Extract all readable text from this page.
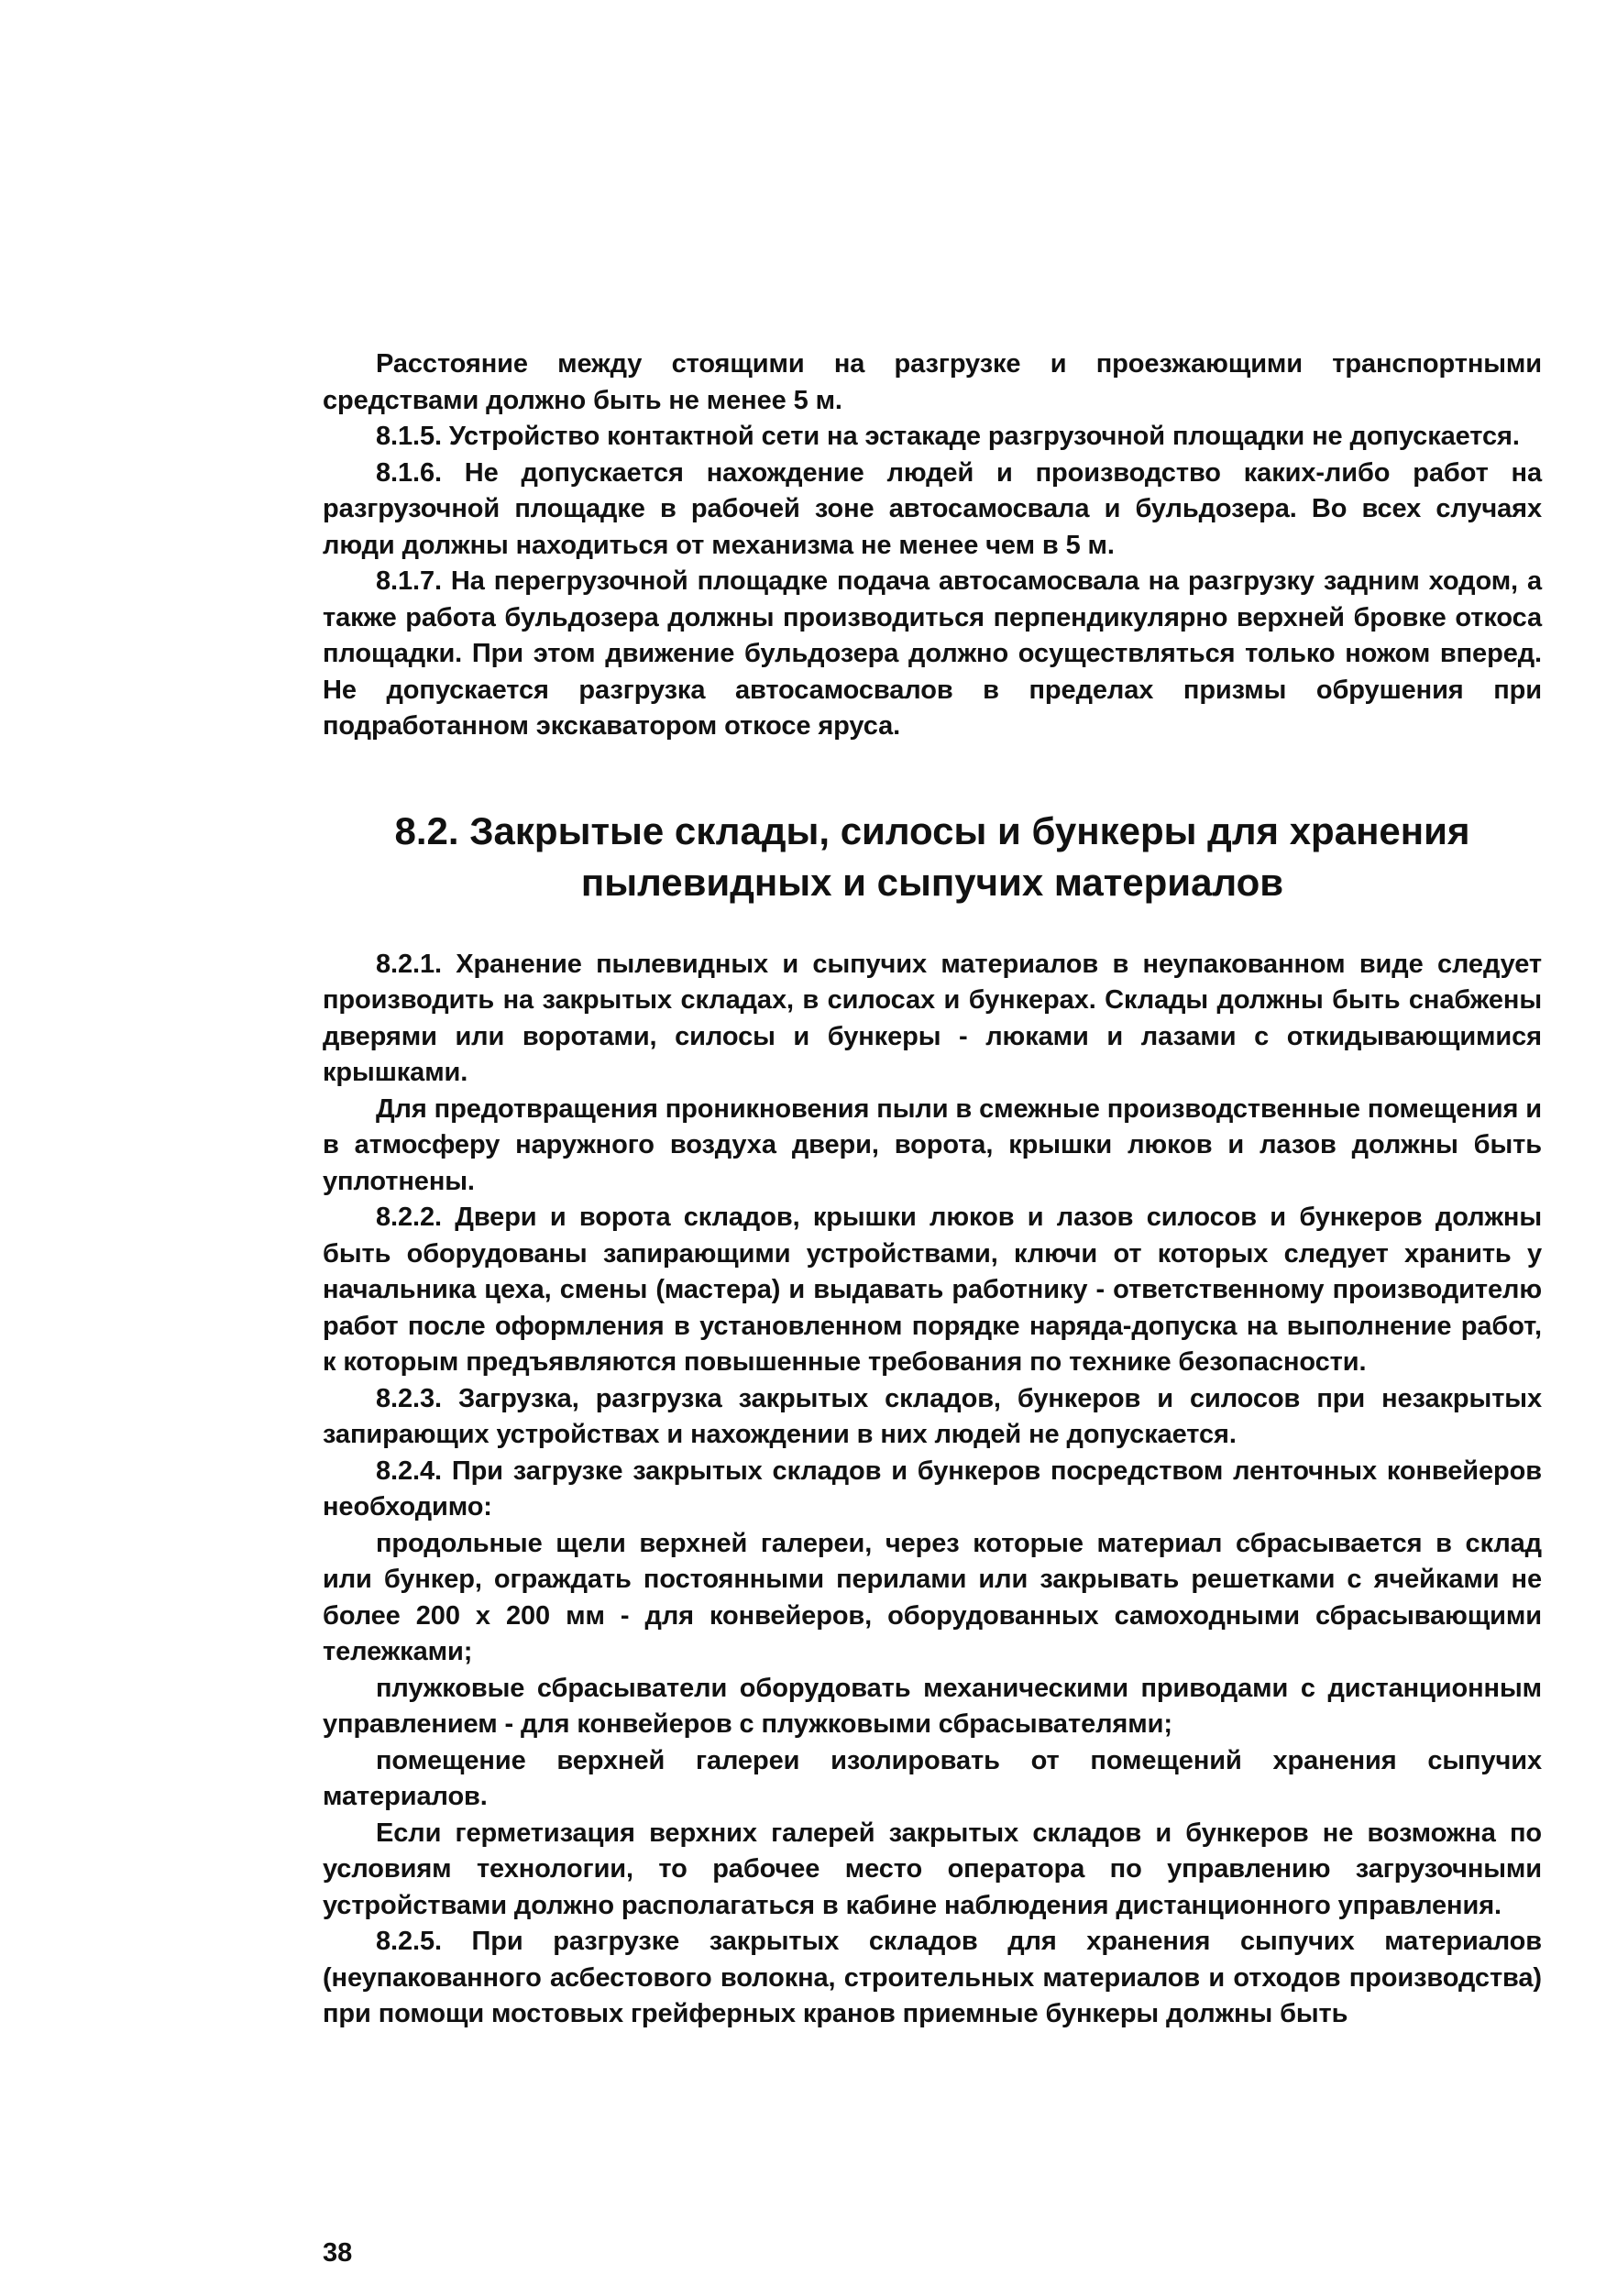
Расстояние между стоящими на разгрузке и проезжающими транспортными средствами должно быть не менее 5 м.

8.1.5. Устройство контактной сети на эстакаде разгрузочной площадки не допускается.

8.1.6. Не допускается нахождение людей и производство каких-либо работ на разгрузочной площадке в рабочей зоне автосамосвала и бульдозера. Во всех случаях люди должны находиться от механизма не менее чем в 5 м.

8.1.7. На перегрузочной площадке подача автосамосвала на разгрузку задним ходом, а также работа бульдозера должны производиться перпендикулярно верхней бровке откоса площадки. При этом движение бульдозера должно осуществляться только ножом вперед. Не допускается разгрузка автосамосвалов в пределах призмы обрушения при подработанном экскаватором откосе яруса.

8.2. Закрытые склады, силосы и бункеры для хранения пылевидных и сыпучих материалов

8.2.1. Хранение пылевидных и сыпучих материалов в неупакованном виде следует производить на закрытых складах, в силосах и бункерах. Склады должны быть снабжены дверями или воротами, силосы и бункеры - люками и лазами с откидывающимися крышками.

Для предотвращения проникновения пыли в смежные производственные помещения и в атмосферу наружного воздуха двери, ворота, крышки люков и лазов должны быть уплотнены.

8.2.2. Двери и ворота складов, крышки люков и лазов силосов и бункеров должны быть оборудованы запирающими устройствами, ключи от которых следует хранить у начальника цеха, смены (мастера) и выдавать работнику - ответственному производителю работ после оформления в установленном порядке наряда-допуска на выполнение работ, к которым предъявляются повышенные требования по технике безопасности.

8.2.3. Загрузка, разгрузка закрытых складов, бункеров и силосов при незакрытых запирающих устройствах и нахождении в них людей не допускается.

8.2.4. При загрузке закрытых складов и бункеров посредством ленточных конвейеров необходимо:

продольные щели верхней галереи, через которые материал сбрасывается в склад или бункер, ограждать постоянными перилами или закрывать решетками с ячейками не более 200 х 200 мм - для конвейеров, оборудованных самоходными сбрасывающими тележками;

плужковые сбрасыватели оборудовать механическими приводами с дистанционным управлением - для конвейеров с плужковыми сбрасывателями;

помещение верхней галереи изолировать от помещений хранения сыпучих материалов.

Если герметизация верхних галерей закрытых складов и бункеров не возможна по условиям технологии, то рабочее место оператора по управлению загрузочными устройствами должно располагаться в кабине наблюдения дистанционного управления.

8.2.5. При разгрузке закрытых складов для хранения сыпучих материалов (неупакованного асбестового волокна, строительных материалов и отходов производства) при помощи мостовых грейферных кранов приемные бункеры должны быть

38
